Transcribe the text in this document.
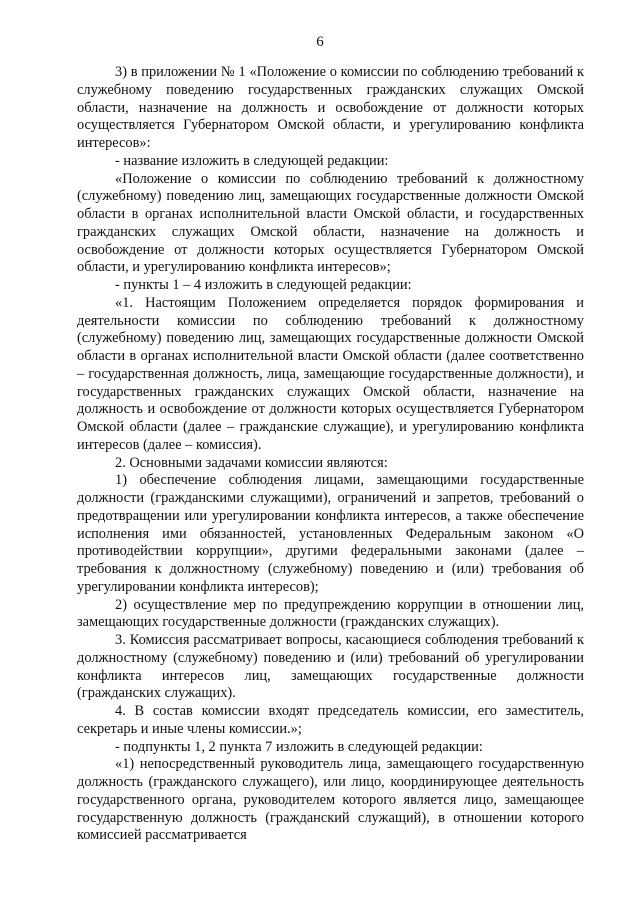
6

3) в приложении № 1 «Положение о комиссии по соблюдению требований к служебному поведению государственных гражданских служащих Омской области, назначение на должность и освобождение от должности которых осуществляется Губернатором Омской области, и урегулированию конфликта интересов»:

- название изложить в следующей редакции:

«Положение о комиссии по соблюдению требований к должностному (служебному) поведению лиц, замещающих государственные должности Омской области в органах исполнительной власти Омской области, и государственных гражданских служащих Омской области, назначение на должность и освобождение от должности которых осуществляется Губернатором Омской области, и урегулированию конфликта интересов»;

- пункты 1 – 4 изложить в следующей редакции:

«1. Настоящим Положением определяется порядок формирования и деятельности комиссии по соблюдению требований к должностному (служебному) поведению лиц, замещающих государственные должности Омской области в органах исполнительной власти Омской области (далее соответственно – государственная должность, лица, замещающие государственные должности), и государственных гражданских служащих Омской области, назначение на должность и освобождение от должности которых осуществляется Губернатором Омской области (далее – гражданские служащие), и урегулированию конфликта интересов (далее – комиссия).

2. Основными задачами комиссии являются:

1) обеспечение соблюдения лицами, замещающими государственные должности (гражданскими служащими), ограничений и запретов, требований о предотвращении или урегулировании конфликта интересов, а также обеспечение исполнения ими обязанностей, установленных Федеральным законом «О противодействии коррупции», другими федеральными законами (далее – требования к должностному (служебному) поведению и (или) требования об урегулировании конфликта интересов);

2) осуществление мер по предупреждению коррупции в отношении лиц, замещающих государственные должности (гражданских служащих).

3. Комиссия рассматривает вопросы, касающиеся соблюдения требований к должностному (служебному) поведению и (или) требований об урегулировании конфликта интересов лиц, замещающих государственные должности (гражданских служащих).

4. В состав комиссии входят председатель комиссии, его заместитель, секретарь и иные члены комиссии.»;

- подпункты 1, 2 пункта 7 изложить в следующей редакции:

«1) непосредственный руководитель лица, замещающего государственную должность (гражданского служащего), или лицо, координирующее деятельность государственного органа, руководителем которого является лицо, замещающее государственную должность (гражданский служащий), в отношении которого комиссией рассматривается
